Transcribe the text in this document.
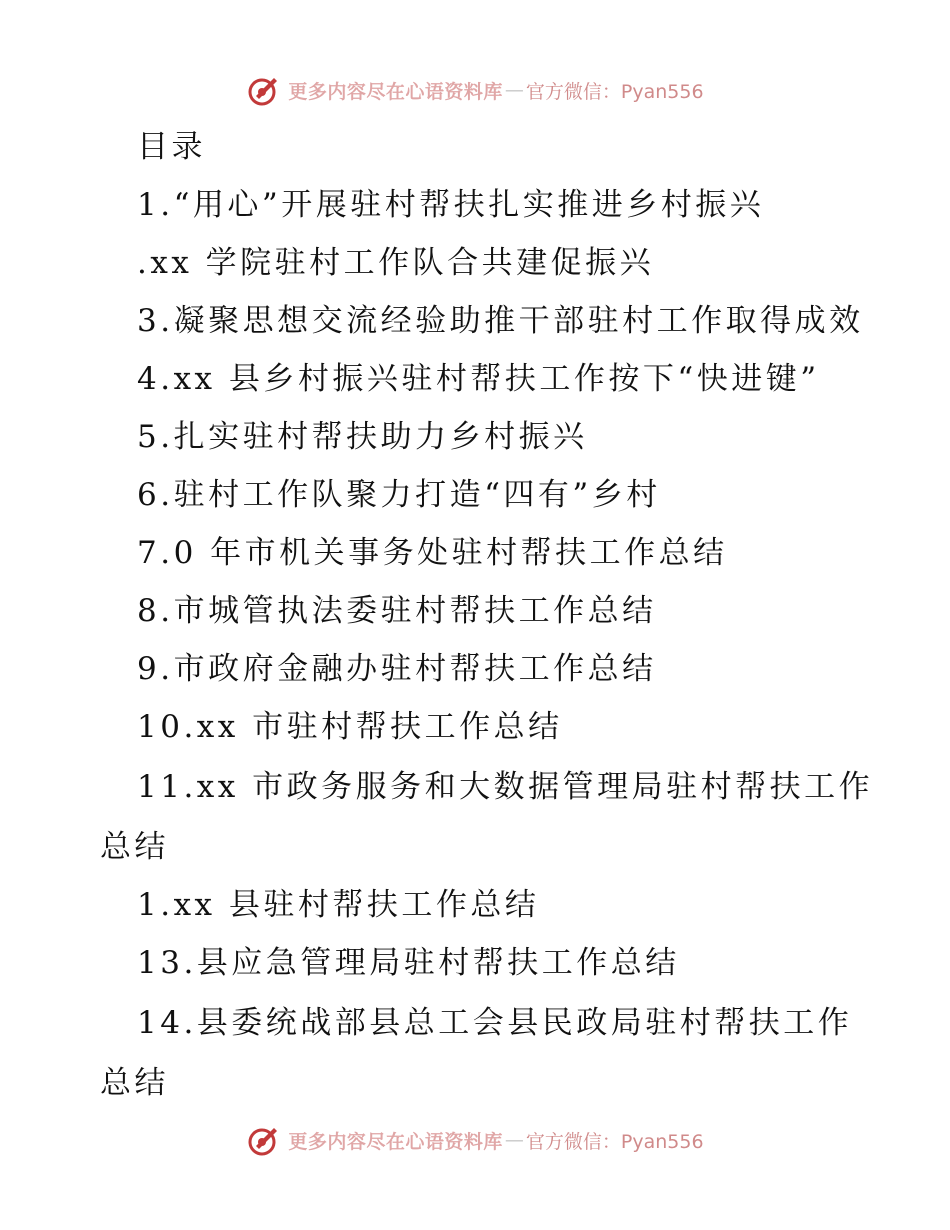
更多内容尽在心语资料库 — 官方微信：Pyan556
目录
1.“用心”开展驻村帮扶扎实推进乡村振兴
.xx 学院驻村工作队合共建促振兴
3.凝聚思想交流经验助推干部驻村工作取得成效
4.xx 县乡村振兴驻村帮扶工作按下“快进键”
5.扎实驻村帮扶助力乡村振兴
6.驻村工作队聚力打造“四有”乡村
7.0 年市机关事务处驻村帮扶工作总结
8.市城管执法委驻村帮扶工作总结
9.市政府金融办驻村帮扶工作总结
10.xx 市驻村帮扶工作总结
11.xx 市政务服务和大数据管理局驻村帮扶工作
总结
1.xx 县驻村帮扶工作总结
13.县应急管理局驻村帮扶工作总结
14.县委统战部县总工会县民政局驻村帮扶工作
总结
更多内容尽在心语资料库 — 官方微信：Pyan556
